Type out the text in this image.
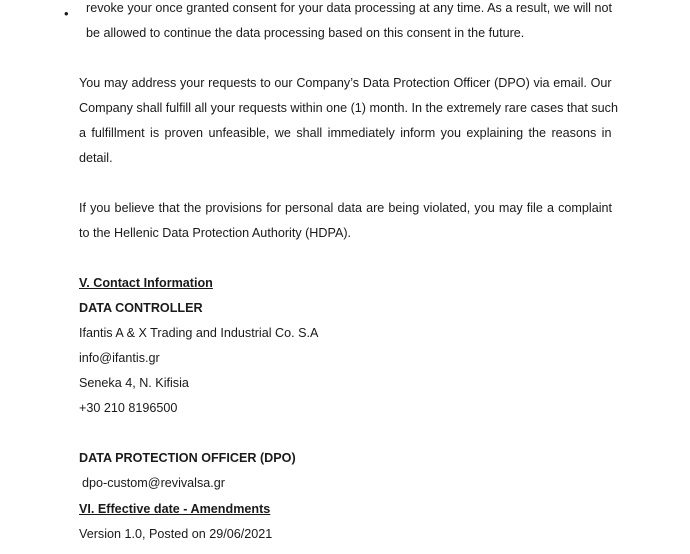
• revoke your once granted consent for your data processing at any time. As a result, we will not
be allowed to continue the data processing based on this consent in the future.
You may address your requests to our Company’s Data Protection Officer (DPO) via email. Our
Company shall fulfill all your requests within one (1) month. In the extremely rare cases that such
a fulfillment is proven unfeasible, we shall immediately inform you explaining the reasons in
detail.
If you believe that the provisions for personal data are being violated, you may file a complaint
to the Hellenic Data Protection Authority (HDPA).
V. Contact Information
DATA CONTROLLER
Ifantis A & X Trading and Industrial Co. S.A
info@ifantis.gr
Seneka 4, N. Kifisia
+30 210 8196500
DATA PROTECTION OFFICER (DPO)
dpo-custom@revivalsa.gr
VI. Effective date - Amendments
Version 1.0, Posted on 29/06/2021
